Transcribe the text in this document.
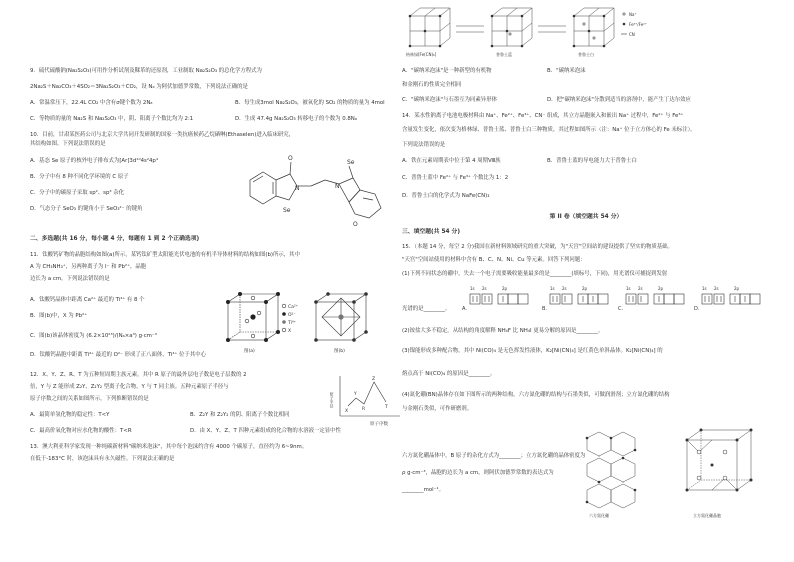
9．硫代硫酸钠(Na₂S₂O₃)可用作分析试剂及鞣革的还原剂，工业制取 Na₂S₂O₃ 的总化学方程式为
2Na₂S＋Na₂CO₃＋4SO₂＝3Na₂S₂O₃＋CO₂，设 Nₐ 为阿伏加德罗常数，下列说法正确的是
A．常温常压下，22.4L CO₂ 中含有σ键个数为 2Nₐ	B．每生成3mol Na₂S₂O₃，被氧化的 SO₂ 的物质的量为 4mol
C．等物质的量的 Na₂S 和 Na₂S₂O₃ 中，阴、阳离子个数比均为 2:1	D．生成 47.4g Na₂S₂O₃ 转移电子的个数为 0.8Nₐ
10．目前，甘肃某医药公司与北京大学共同开发研制的国家一类抗癌候药乙烷硒啉(Ethaselen)进入临床研究，
其结构如图。下列说法错误的是
A．基态 Se 原子的核外电子排布式为[Ar]3d¹⁰4s²4p⁴
B．分子中有 8 种不同化学环境的 C 原子
C．分子中的碳原子采取 sp²、sp³ 杂化
D．气态分子 SeO₃ 的键角小于 SeO₃²⁻ 的键角	Se
Se
N	N
O
O
二、多选题(共 16 分，每小题 4 分，每题有 1 到 2 个正确选项)
11．钛酸钙矿物的晶胞结构如图(a)所示，某钙钛矿型太阳能光伏电池的有机半导体材料的结构如图(b)所示，其中
A 为 CH₃NH₃⁺，另两种离子为 I⁻ 和 Pb²⁺，晶胞
边长为 a cm。下列说法错误的是
A．钛酸钙晶体中距离 Ca²⁺ 最近的 Ti⁴⁺ 有 8 个
B．图(b)中，X 为 Pb²⁺
C．图(b)该晶体密度为 (6.2×10²³)/(Nₐ×a³) g·cm⁻³
D．钛酸钙晶胞中距离 Ti⁴⁺ 最近的 O²⁻ 形成了正八面体，Ti⁴⁺ 位于其中心
Ca²⁺
O²⁻
Ti⁴⁺
X
图(a)	图(b)
12．X、Y、Z、R、T 为五种短周期主族元素，其中 R 原子的最外层电子数是电子层数的 2
倍，Y 与 Z 能形成 Z₂Y、Z₂Y₂ 型离子化合物，Y 与 T 同主族。五种元素原子半径与
原子序数之间的关系如图所示，下列推断错误的是
A．最简单氢化物的稳定性：T<Y	B．Z₂Y 和 Z₂Y₂ 的阴、阳离子个数比相同
C．最高价氧化物对应水化物的酸性：T<R	D．由 X、Y、Z、T 四种元素组成的化合物的水溶液一定显中性
原子半径
原子序数
X
Y
Z
R	T
13．澳大利亚科学家发现一种纯碳新材料"碳纳米泡沫"，其中每个泡沫约含有 4000 个碳原子，直径约为 6~9nm。
在低于-183°C 时，该泡沫具有永久磁性。下列说法正确的是
格林绿[Fe(CN)₆]	普鲁士蓝	普鲁士白
Na⁺
Fe³⁺/Fe²⁺
CN
A．"碳纳米泡沫"是一种新型的有机物	B．"碳纳米泡沫
和金刚石的性质完全相同
C．"碳纳米泡沫"与石墨互为同素异形体	D．把"碳纳米泡沫"分散到适当的溶剂中，能产生丁达尔效应
14．某水性钠离子电池电极材料由 Na⁺、Fe²⁺、Fe³⁺、CN⁻ 组成，其立方晶胞嵌入和嵌出 Na⁺ 过程中，Fe²⁺ 与 Fe³⁺
含量发生变化，依次变为格林绿、普鲁士蓝、普鲁士白三种物质，其过程如图所示（注：Na⁺ 位于立方体心的 Fe 未标注）。
下列说法错误的是
A．铁在元素周期表中位于第 4 周期Ⅷ族	B．普鲁士蓝的导电能力大于普鲁士白
C．普鲁士蓝中 Fe²⁺ 与 Fe³⁺ 个数比为 1：2
D．普鲁士白的化学式为 NaFe(CN)₃
第 II 卷（填空题共 54 分）
三、填空题(共 54 分)
15．（本题 14 分，每空 2 分)我国在新材料领域研究的重大突破，为"天宫"空间站的建设提供了坚实的物质基础。
"天宫"空间站使用的材料中含有 B、C、N、Ni、Cu 等元素。回答下列问题：
(1)下列不同状态的硼中，失去一个电子需要吸收能量最多的是________(填标号，下同)，用光谱仪可捕捉到发射
光谱的是________。
1s 2s	2p	1s 2s	2p	1s 2s	2p	1s 2s	2p
A.	B.	C.	D.
(2)铵盐大多不稳定。从结构的角度解释 NH₄F 比 NH₄I 更易分解的原因是________。
(3)镍能形成多种配合物，其中 Ni(CO)₄ 是无色挥发性液体，K₂[Ni(CN)₄] 是红黄色单斜晶体。K₂[Ni(CN)₄] 的
熔点高于 Ni(CO)₄ 的原因是________。
(4)氮化硼(BN)晶体存在如下图所示的两种结构。六方氮化硼的结构与石墨类似，可做润滑剂；立方氮化硼的结构
与金刚石类似，可作研磨剂。
六方氮化硼晶体中，B 原子的杂化方式为________；立方氮化硼的晶体密度为
ρ g·cm⁻³，晶胞的边长为 a cm，则阿伏加德罗常数的表达式为
________mol⁻¹。
六方氮化硼	立方氮化硼晶胞
